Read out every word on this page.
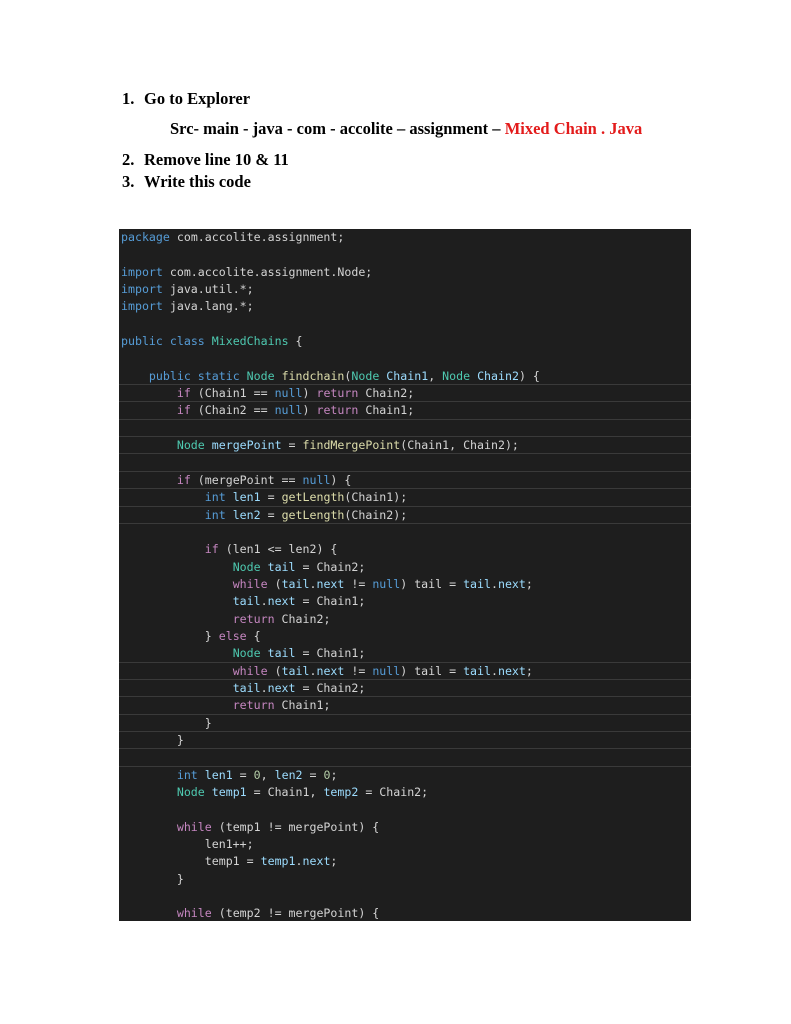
1. Go to Explorer
Src- main - java - com - accolite – assignment – Mixed Chain . Java
2. Remove line 10 & 11
3. Write this code
package com.accolite.assignment;

import com.accolite.assignment.Node;
import java.util.*;
import java.lang.*;

public class MixedChains {

public static Node findchain(Node Chain1, Node Chain2) {
if (Chain1 == null) return Chain2;
if (Chain2 == null) return Chain1;

Node mergePoint = findMergePoint(Chain1, Chain2);

if (mergePoint == null) {
int len1 = getLength(Chain1);
int len2 = getLength(Chain2);

if (len1 <= len2) {
Node tail = Chain2;
while (tail.next != null) tail = tail.next;
tail.next = Chain1;
return Chain2;
} else {
Node tail = Chain1;
while (tail.next != null) tail = tail.next;
tail.next = Chain2;
return Chain1;
}
}

int len1 = 0, len2 = 0;
Node temp1 = Chain1, temp2 = Chain2;

while (temp1 != mergePoint) {
len1++;
temp1 = temp1.next;
}

while (temp2 != mergePoint) {
